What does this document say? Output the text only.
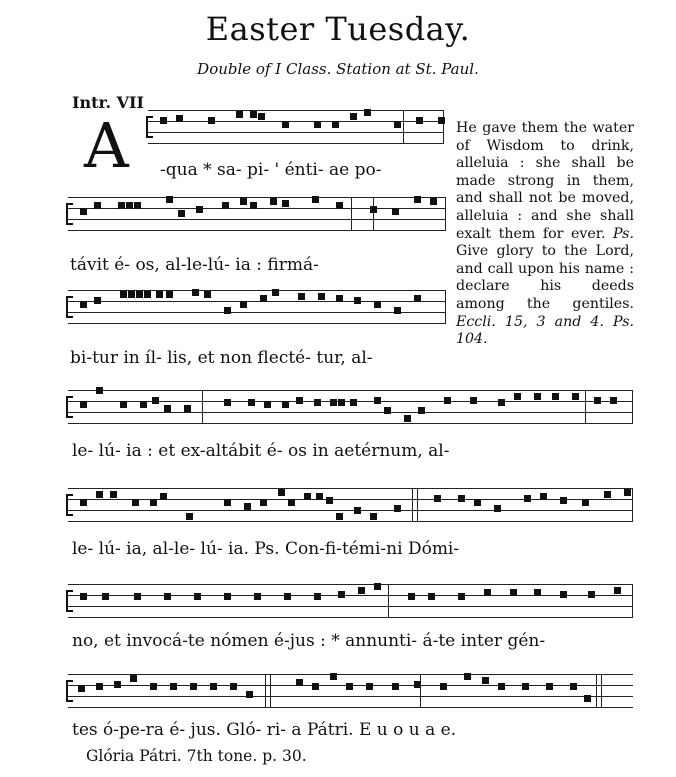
Easter Tuesday.
Double of I Class. Station at St. Paul.
Intr. VII
A -qua * sa- pi- ' énti- ae po-
távit é- os, al-le-lú- ia : firmá-
bi-tur in íl- lis, et non flecté- tur, al-
le- lú- ia : et ex-altábit é- os in aetérnum, al-
le- lú- ia, al-le- lú- ia. Ps. Con-fi-témi-ni Dómi-
no, et invocá-te nómen é-jus : * annunti- á-te inter gén-
tes ó-pe-ra é- jus. Gló- ri- a Pátri. E u o u a e.
He gave them the water of Wisdom to drink, alleluia : she shall be made strong in them, and shall not be moved, alleluia : and she shall exalt them for ever. Ps. Give glory to the Lord, and call upon his name : declare his deeds among the gentiles. Eccli. 15, 3 and 4. Ps. 104.
Glória Pátri. 7th tone. p. 30.
